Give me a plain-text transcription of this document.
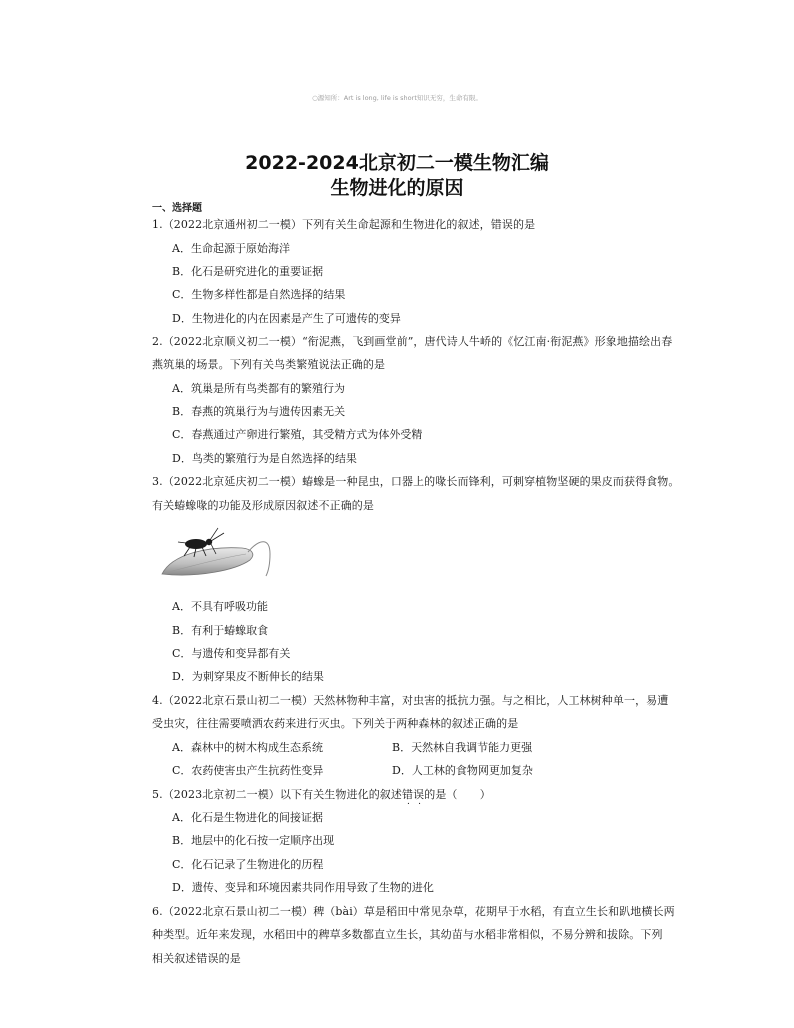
○源知所：Art is long, life is short知识无穷，生命有限。
2022-2024北京初二一模生物汇编
生物进化的原因
一、选择题
1.（2022北京通州初二一模）下列有关生命起源和生物进化的叙述，错误的是
A．生命起源于原始海洋
B．化石是研究进化的重要证据
C．生物多样性都是自然选择的结果
D．生物进化的内在因素是产生了可遗传的变异
2.（2022北京顺义初二一模）“衔泥燕，飞到画堂前”，唐代诗人牛峤的《忆江南·衔泥燕》形象地描绘出春
燕筑巢的场景。下列有关鸟类繁殖说法正确的是
A．筑巢是所有鸟类都有的繁殖行为
B．春燕的筑巢行为与遗传因素无关
C．春燕通过产卵进行繁殖，其受精方式为体外受精
D．鸟类的繁殖行为是自然选择的结果
3.（2022北京延庆初二一模）蝽蟓是一种昆虫，口器上的喙长而锋利，可刺穿植物坚硬的果皮而获得食物。
有关蝽蟓喙的功能及形成原因叙述不正确的是
A．不具有呼吸功能
B．有利于蝽蟓取食
C．与遗传和变异都有关
D．为刺穿果皮不断伸长的结果
4.（2022北京石景山初二一模）天然林物种丰富，对虫害的抵抗力强。与之相比，人工林树种单一，易遭
受虫灾，往往需要喷洒农药来进行灭虫。下列关于两种森林的叙述正确的是
A．森林中的树木构成生态系统	B．天然林自我调节能力更强
C．农药使害虫产生抗药性变异	D．人工林的食物网更加复杂
5.（2023北京初二一模）以下有关生物进化的叙述错误的是（　　）
A．化石是生物进化的间接证据
B．地层中的化石按一定顺序出现
C．化石记录了生物进化的历程
D．遗传、变异和环境因素共同作用导致了生物的进化
6.（2022北京石景山初二一模）稗（bài）草是稻田中常见杂草，花期早于水稻，有直立生长和趴地横长两
种类型。近年来发现，水稻田中的稗草多数都直立生长，其幼苗与水稻非常相似，不易分辨和拔除。下列
相关叙述错误的是
